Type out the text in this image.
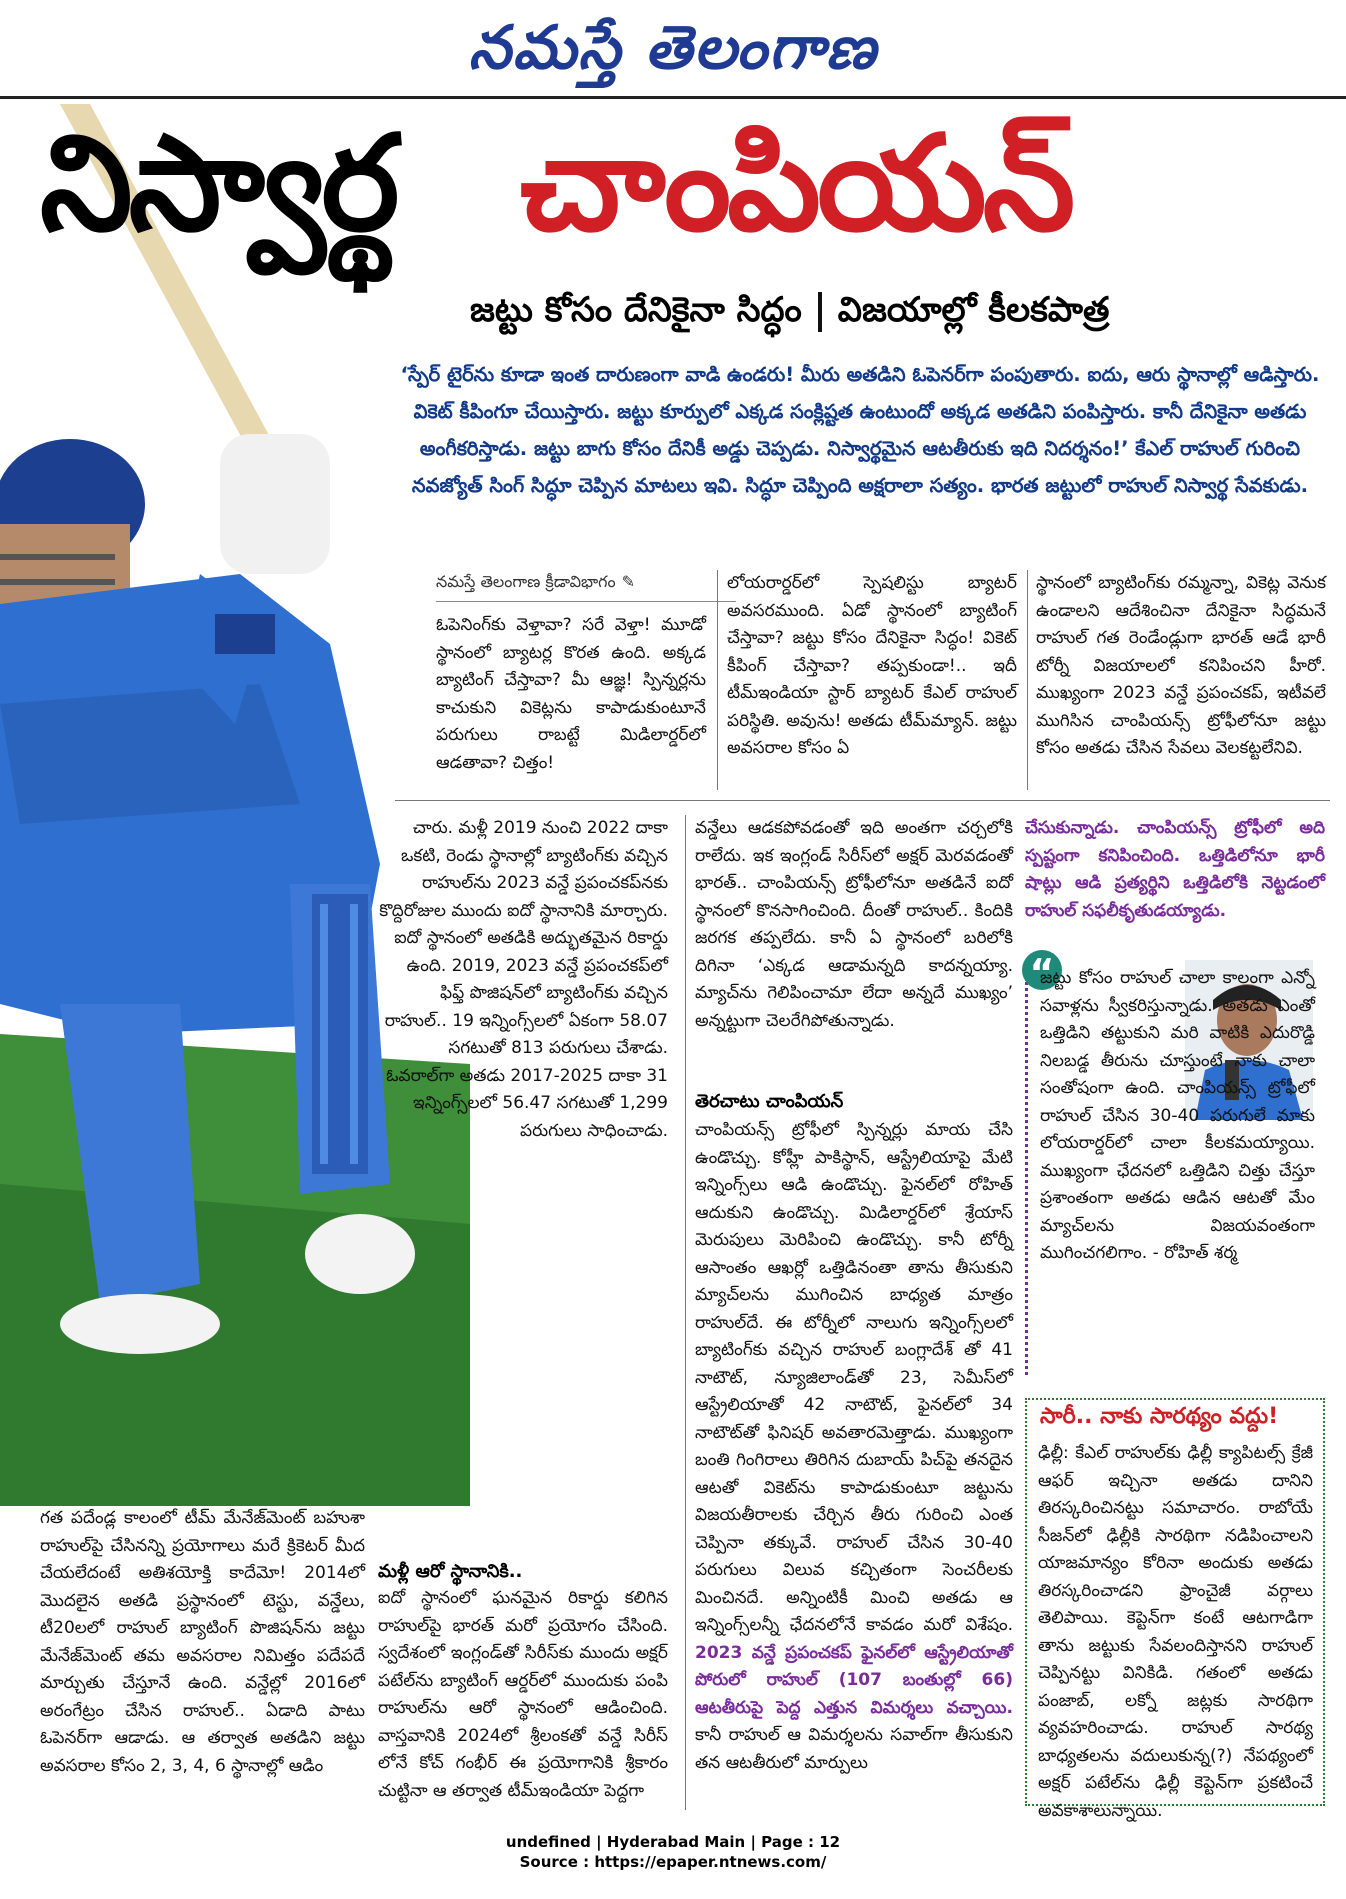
నమస్తే తెలంగాణ
నిస్వార్థ చాంపియన్
జట్టు కోసం దేనికైనా సిద్ధం విజయాల్లో కీలకపాత్ర
‘స్పేర్ టైర్‌ను కూడా ఇంత దారుణంగా వాడి ఉండరు! మీరు అతడిని ఓపెనర్‌గా పంపుతారు. ఐదు, ఆరు స్థానాల్లో ఆడిస్తారు. వికెట్ కీపింగూ చేయిస్తారు. జట్టు కూర్పులో ఎక్కడ సంక్లిష్టత ఉంటుందో అక్కడ అతడిని పంపిస్తారు. కానీ దేనికైనా అతడు అంగీకరిస్తాడు. జట్టు బాగు కోసం దేనికీ అడ్డు చెప్పడు. నిస్వార్థమైన ఆటతీరుకు ఇది నిదర్శనం!’ కేఎల్ రాహుల్ గురించి నవజ్యోత్ సింగ్ సిద్ధూ చెప్పిన మాటలు ఇవి. సిద్ధూ చెప్పింది అక్షరాలా సత్యం. భారత జట్టులో రాహుల్ నిస్వార్థ సేవకుడు.
నమస్తే తెలంగాణ క్రీడావిభాగం ✎
ఓపెనింగ్‌కు వెళ్తావా? సరే వెళ్తా! మూడో స్థానంలో బ్యాటర్ల కొరత ఉంది. అక్కడ బ్యాటింగ్ చేస్తావా? మీ ఆజ్ఞ! స్పిన్నర్లను కాచుకుని వికెట్లను కాపాడుకుంటూనే పరుగులు రాబట్టే మిడిలార్డర్‌లో ఆడతావా? చిత్తం!
లోయరార్డర్‌లో స్పెషలిస్టు బ్యాటర్ అవసరముంది. ఏడో స్థానంలో బ్యాటింగ్ చేస్తావా? జట్టు కోసం దేనికైనా సిద్ధం! వికెట్ కీపింగ్ చేస్తావా? తప్పకుండా!.. ఇదీ టీమ్‌ఇండియా స్టార్ బ్యాటర్ కేఎల్ రాహుల్ పరిస్థితి. అవును! అతడు టీమ్‌మ్యాన్. జట్టు అవసరాల కోసం ఏ
స్థానంలో బ్యాటింగ్‌కు రమ్మన్నా, వికెట్ల వెనుక ఉండాలని ఆదేశించినా దేనికైనా సిద్ధమనే రాహుల్ గత రెండేండ్లుగా భారత్ ఆడే భారీ టోర్నీ విజయాలలో కనిపించని హీరో. ముఖ్యంగా 2023 వన్డే ప్రపంచకప్, ఇటీవలే ముగిసిన చాంపియన్స్ ట్రోఫీలోనూ జట్టు కోసం అతడు చేసిన సేవలు వెలకట్టలేనివి.
చారు. మళ్లీ 2019 నుంచి 2022 దాకా ఒకటి, రెండు స్థానాల్లో బ్యాటింగ్‌కు వచ్చిన రాహుల్‌ను 2023 వన్డే ప్రపంచకప్‌నకు కొద్దిరోజుల ముందు ఐదో స్థానానికి మార్చారు. ఐదో స్థానంలో అతడికి అద్భుతమైన రికార్డు ఉంది. 2019, 2023 వన్డే ప్రపంచకప్‌లో ఫిఫ్త్ పొజిషన్‌లో బ్యాటింగ్‌కు వచ్చిన రాహుల్.. 19 ఇన్నింగ్స్‌లలో ఏకంగా 58.07 సగటుతో 813 పరుగులు చేశాడు. ఓవరాల్‌గా అతడు 2017-2025 దాకా 31 ఇన్నింగ్స్‌లలో 56.47 సగటుతో 1,299 పరుగులు సాధించాడు.
మళ్లీ ఆరో స్థానానికి..
ఐదో స్థానంలో ఘనమైన రికార్డు కలిగిన రాహుల్‌పై భారత్ మరో ప్రయోగం చేసింది. స్వదేశంలో ఇంగ్లండ్‌తో సిరీస్‌కు ముందు అక్షర్ పటేల్‌ను బ్యాటింగ్ ఆర్డర్‌లో ముందుకు పంపి రాహుల్‌ను ఆరో స్థానంలో ఆడించింది. వాస్తవానికి 2024లో శ్రీలంకతో వన్డే సిరీస్ లోనే కోచ్ గంభీర్ ఈ ప్రయోగానికి శ్రీకారం చుట్టినా ఆ తర్వాత టీమ్‌ఇండియా పెద్దగా
గత పదేండ్ల కాలంలో టీమ్ మేనేజ్‌మెంట్ బహుశా రాహుల్‌పై చేసినన్ని ప్రయోగాలు మరే క్రికెటర్ మీద చేయలేదంటే అతిశయోక్తి కాదేమో! 2014లో మొదలైన అతడి ప్రస్థానంలో టెస్టు, వన్డేలు, టీ20లలో రాహుల్ బ్యాటింగ్ పొజిషన్‌ను జట్టు మేనేజ్‌మెంట్ తమ అవసరాల నిమిత్తం పదేపదే మార్చుతు చేస్తూనే ఉంది. వన్డేల్లో 2016లో అరంగేట్రం చేసిన రాహుల్.. ఏడాది పాటు ఓపెనర్‌గా ఆడాడు. ఆ తర్వాత అతడిని జట్టు అవసరాల కోసం 2, 3, 4, 6 స్థానాల్లో ఆడిం
వన్డేలు ఆడకపోవడంతో ఇది అంతగా చర్చలోకి రాలేదు. ఇక ఇంగ్లండ్ సిరీస్‌లో అక్షర్ మెరవడంతో భారత్.. చాంపియన్స్ ట్రోఫీలోనూ అతడినే ఐదో స్థానంలో కొనసాగించింది. దీంతో రాహుల్.. కిందికి జరగక తప్పలేదు. కానీ ఏ స్థానంలో బరిలోకి దిగినా ‘ఎక్కడ ఆడామన్నది కాదన్నయ్యా. మ్యాచ్‌ను గెలిపించామా లేదా అన్నదే ముఖ్యం’ అన్నట్టుగా చెలరేగిపోతున్నాడు.
తెరచాటు చాంపియన్
చాంపియన్స్ ట్రోఫీలో స్పిన్నర్లు మాయ చేసి ఉండొచ్చు. కోహ్లీ పాకిస్థాన్, ఆస్ట్రేలియాపై మేటి ఇన్నింగ్స్‌లు ఆడి ఉండొచ్చు. ఫైనల్‌లో రోహిత్ ఆదుకుని ఉండొచ్చు. మిడిలార్డర్‌లో శ్రేయాస్ మెరుపులు మెరిపించి ఉండొచ్చు. కానీ టోర్నీ ఆసాంతం ఆఖర్లో ఒత్తిడినంతా తాను తీసుకుని మ్యాచ్‌లను ముగించిన బాధ్యత మాత్రం రాహుల్‌దే. ఈ టోర్నీలో నాలుగు ఇన్నింగ్స్‌లలో బ్యాటింగ్‌కు వచ్చిన రాహుల్ బంగ్లాదేశ్ తో 41 నాటౌట్, న్యూజిలాండ్‌తో 23, సెమీస్‌లో ఆస్ట్రేలియాతో 42 నాటౌట్, ఫైనల్‌లో 34 నాటౌట్‌తో ఫినిషర్ అవతారమెత్తాడు. ముఖ్యంగా బంతి గింగిరాలు తిరిగిన దుబాయ్ పిచ్‌పై తనదైన ఆటతో వికెట్‌ను కాపాడుకుంటూ జట్టును విజయతీరాలకు చేర్చిన తీరు గురించి ఎంత చెప్పినా తక్కువే. రాహుల్ చేసిన 30-40 పరుగులు విలువ కచ్చితంగా సెంచరీలకు మించినదే. అన్నింటికీ మించి అతడు ఆ ఇన్నింగ్స్‌లన్నీ ఛేదనలోనే కావడం మరో విశేషం. 2023 వన్డే ప్రపంచకప్ ఫైనల్‌లో ఆస్ట్రేలియాతో పోరులో రాహుల్ (107 బంతుల్లో 66) ఆటతీరుపై పెద్ద ఎత్తున విమర్శలు వచ్చాయి. కానీ రాహుల్ ఆ విమర్శలను సవాల్‌గా తీసుకుని తన ఆటతీరులో మార్పులు
చేసుకున్నాడు. చాంపియన్స్ ట్రోఫీలో అది స్పష్టంగా కనిపించింది. ఒత్తిడిలోనూ భారీ షాట్లు ఆడి ప్రత్యర్థిని ఒత్తిడిలోకి నెట్టడంలో రాహుల్ సఫలీకృతుడయ్యాడు.
“
జట్టు కోసం రాహుల్ చాలా కాలంగా ఎన్నో సవాళ్లను స్వీకరిస్తున్నాడు. అతడు ఎంతో ఒత్తిడిని తట్టుకుని మరి వాటికి ఎదురొడ్డి నిలబడ్డ తీరును చూస్తుంటే నాకు చాలా సంతోషంగా ఉంది. చాంపియన్స్ ట్రోఫీలో రాహుల్ చేసిన 30-40 పరుగులే మాకు లోయరార్డర్‌లో చాలా కీలకమయ్యాయి. ముఖ్యంగా ఛేదనలో ఒత్తిడిని చిత్తు చేస్తూ ప్రశాంతంగా అతడు ఆడిన ఆటతో మేం మ్యాచ్‌లను విజయవంతంగా ముగించగలిగాం. - రోహిత్ శర్మ
సారీ.. నాకు సారథ్యం వద్దు!
ఢిల్లీ: కేఎల్ రాహుల్‌కు ఢిల్లీ క్యాపిటల్స్ క్రేజీ ఆఫర్ ఇచ్చినా అతడు దానిని తిరస్కరించినట్టు సమాచారం. రాబోయే సీజన్‌లో ఢిల్లీకి సారథిగా నడిపించాలని యాజమాన్యం కోరినా అందుకు అతడు తిరస్కరించాడని ఫ్రాంచైజీ వర్గాలు తెలిపాయి. కెప్టెన్‌గా కంటే ఆటగాడిగా తాను జట్టుకు సేవలందిస్తానని రాహుల్ చెప్పినట్టు వినికిడి. గతంలో అతడు పంజాబ్, లక్నో జట్లకు సారథిగా వ్యవహరించాడు. రాహుల్ సారథ్య బాధ్యతలను వదులుకున్న(?) నేపథ్యంలో అక్షర్ పటేల్‌ను ఢిల్లీ కెప్టెన్‌గా ప్రకటించే అవకాశాలున్నాయి.
undefined | Hyderabad Main | Page : 12
Source : https://epaper.ntnews.com/
